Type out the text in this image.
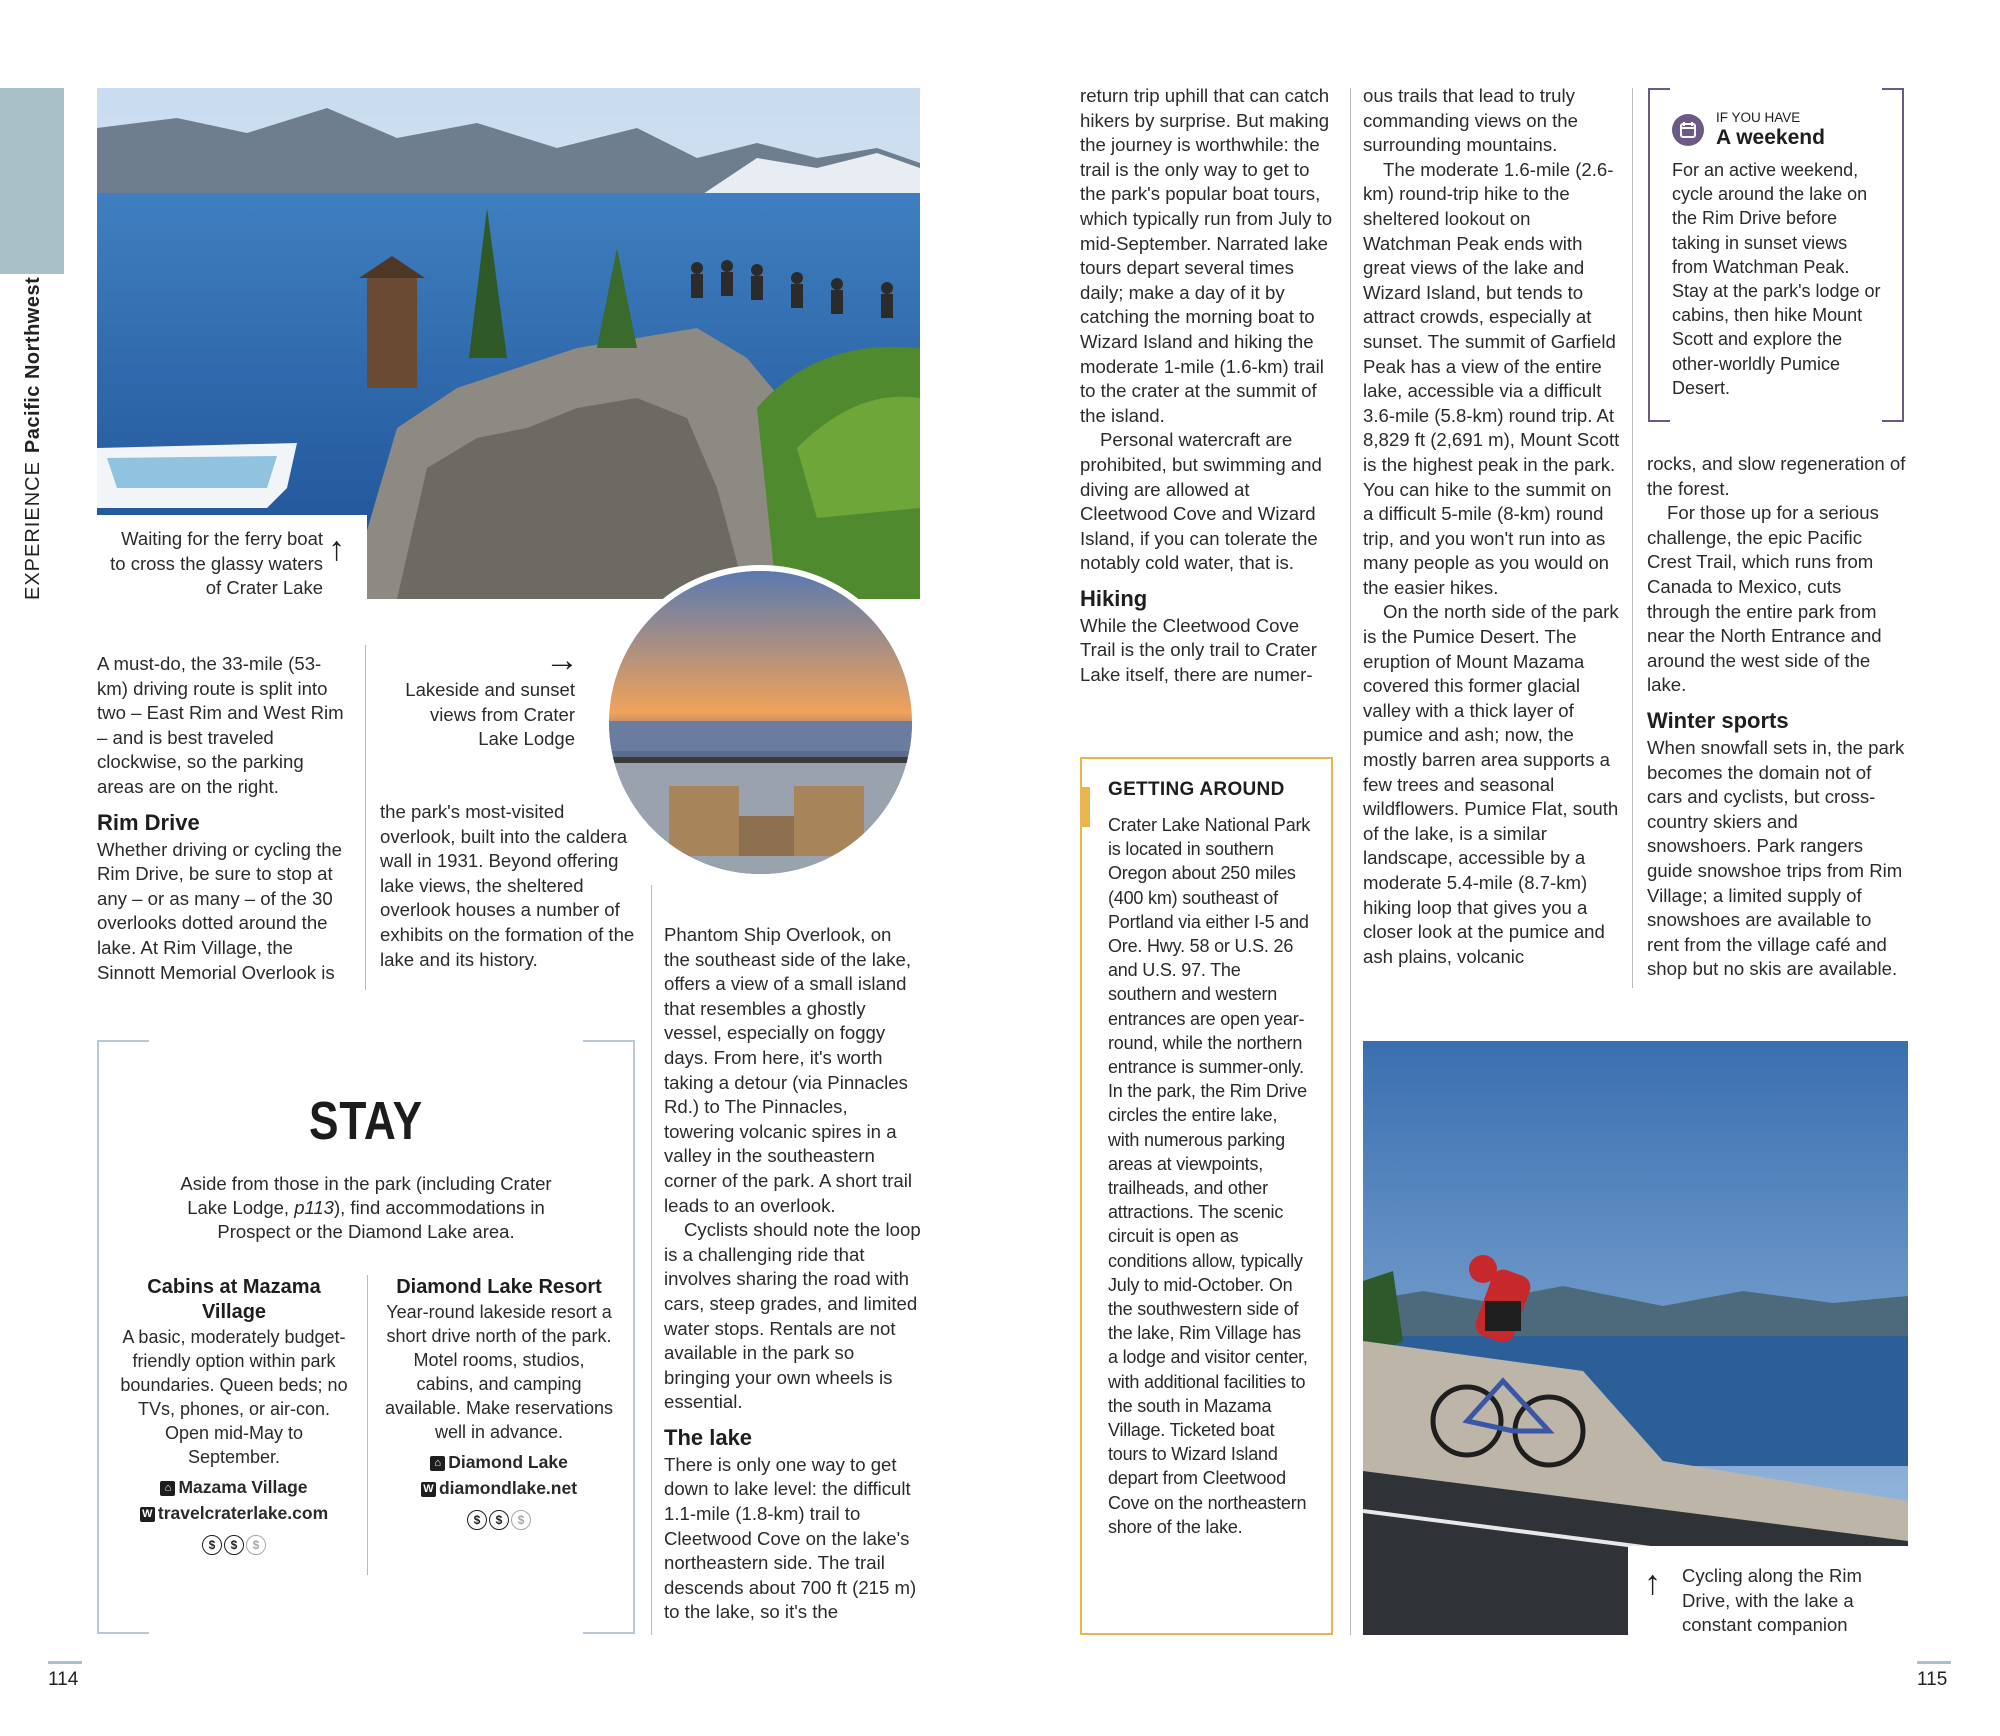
EXPERIENCEPacific Northwest
Waiting for the ferry boat to cross the glassy waters of Crater Lake
↑
→
Lakeside and sunset views from Crater Lake Lodge

A must-do, the 33-mile (53-km) driving route is split into two – East Rim and West Rim – and is best traveled clockwise, so the parking areas are on the right.

Rim Drive

Whether driving or cycling the Rim Drive, be sure to stop at any – or as many – of the 30 overlooks dotted around the lake. At Rim Village, the Sinnott Memorial Overlook is

the park's most-visited overlook, built into the caldera wall in 1931. Beyond offering lake views, the sheltered overlook houses a number of exhibits on the formation of the lake and its history.

Phantom Ship Overlook, on the southeast side of the lake, offers a view of a small island that resembles a ghostly vessel, especially on foggy days. From here, it's worth taking a detour (via Pinnacles Rd.) to The Pinnacles, towering volcanic spires in a valley in the southeastern corner of the park. A short trail leads to an overlook.

Cyclists should note the loop is a challenging ride that involves sharing the road with cars, steep grades, and limited water stops. Rentals are not available in the park so bringing your own wheels is essential.

The lake

There is only one way to get down to lake level: the difficult 1.1-mile (1.8-km) trail to Cleetwood Cove on the lake's northeastern side. The trail descends about 700 ft (215 m) to the lake, so it's the

STAY
Aside from those in the park (including Crater Lake Lodge, p113), find accommodations in Prospect or the Diamond Lake area.
Cabins at Mazama Village
A basic, moderately budget-friendly option within park boundaries. Queen beds; no TVs, phones, or air-con. Open mid-May to September.
⌂ Mazama Village
W travelcraterlake.com
$ $ $
Diamond Lake Resort
Year-round lakeside resort a short drive north of the park. Motel rooms, studios, cabins, and camping available. Make reservations well in advance.
⌂ Diamond Lake
W diamondlake.net
$ $ $

return trip uphill that can catch hikers by surprise. But making the journey is worthwhile: the trail is the only way to get to the park's popular boat tours, which typically run from July to mid-September. Narrated lake tours depart several times daily; make a day of it by catching the morning boat to Wizard Island and hiking the moderate 1-mile (1.6-km) trail to the crater at the summit of the island.

Personal watercraft are prohibited, but swimming and diving are allowed at Cleetwood Cove and Wizard Island, if you can tolerate the notably cold water, that is.

Hiking

While the Cleetwood Cove Trail is the only trail to Crater Lake itself, there are numer-

GETTING AROUND
Crater Lake National Park is located in southern Oregon about 250 miles (400 km) southeast of Portland via either I-5 and Ore. Hwy. 58 or U.S. 26 and U.S. 97. The southern and western entrances are open year-round, while the northern entrance is summer-only. In the park, the Rim Drive circles the entire lake, with numerous parking areas at viewpoints, trailheads, and other attractions. The scenic circuit is open as conditions allow, typically July to mid-October. On the southwestern side of the lake, Rim Village has a lodge and visitor center, with additional facilities to the south in Mazama Village. Ticketed boat tours to Wizard Island depart from Cleetwood Cove on the northeastern shore of the lake.

ous trails that lead to truly commanding views on the surrounding mountains.

The moderate 1.6-mile (2.6-km) round-trip hike to the sheltered lookout on Watchman Peak ends with great views of the lake and Wizard Island, but tends to attract crowds, especially at sunset. The summit of Garfield Peak has a view of the entire lake, accessible via a difficult 3.6-mile (5.8-km) round trip. At 8,829 ft (2,691 m), Mount Scott is the highest peak in the park. You can hike to the summit on a difficult 5-mile (8-km) round trip, and you won't run into as many people as you would on the easier hikes.

On the north side of the park is the Pumice Desert. The eruption of Mount Mazama covered this former glacial valley with a thick layer of pumice and ash; now, the mostly barren area supports a few trees and seasonal wildflowers. Pumice Flat, south of the lake, is a similar landscape, accessible by a moderate 5.4-mile (8.7-km) hiking loop that gives you a closer look at the pumice and ash plains, volcanic

IF YOU HAVE
A weekend
For an active weekend, cycle around the lake on the Rim Drive before taking in sunset views from Watchman Peak. Stay at the park's lodge or cabins, then hike Mount Scott and explore the other-worldly Pumice Desert.

rocks, and slow regeneration of the forest.

For those up for a serious challenge, the epic Pacific Crest Trail, which runs from Canada to Mexico, cuts through the entire park from near the North Entrance and around the west side of the lake.

Winter sports

When snowfall sets in, the park becomes the domain not of cars and cyclists, but cross-country skiers and snowshoers. Park rangers guide snowshoe trips from Rim Village; a limited supply of snowshoes are available to rent from the village café and shop but no skis are available.

↑ Cycling along the Rim Drive, with the lake a constant companion
114	115
